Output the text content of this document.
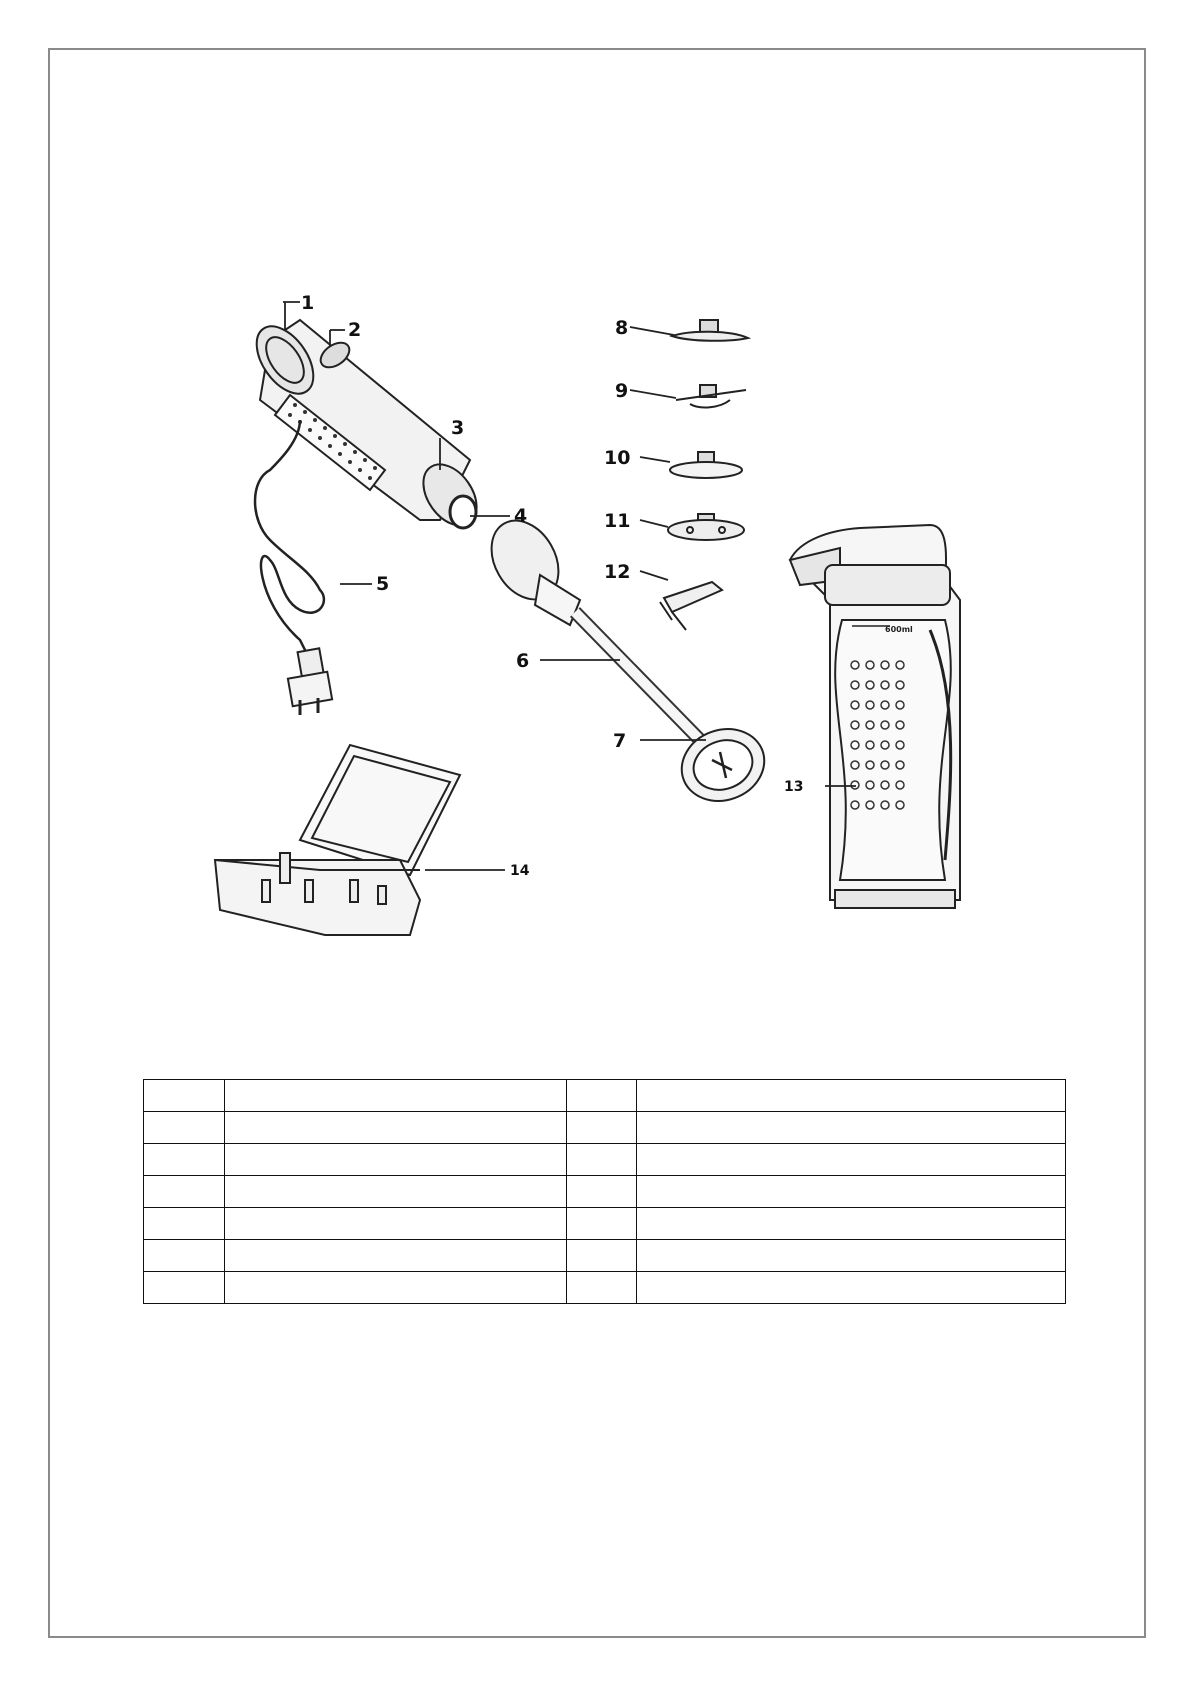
1
2
3
4
5
6
7
8
9
10
11
12
13
14
600ml
